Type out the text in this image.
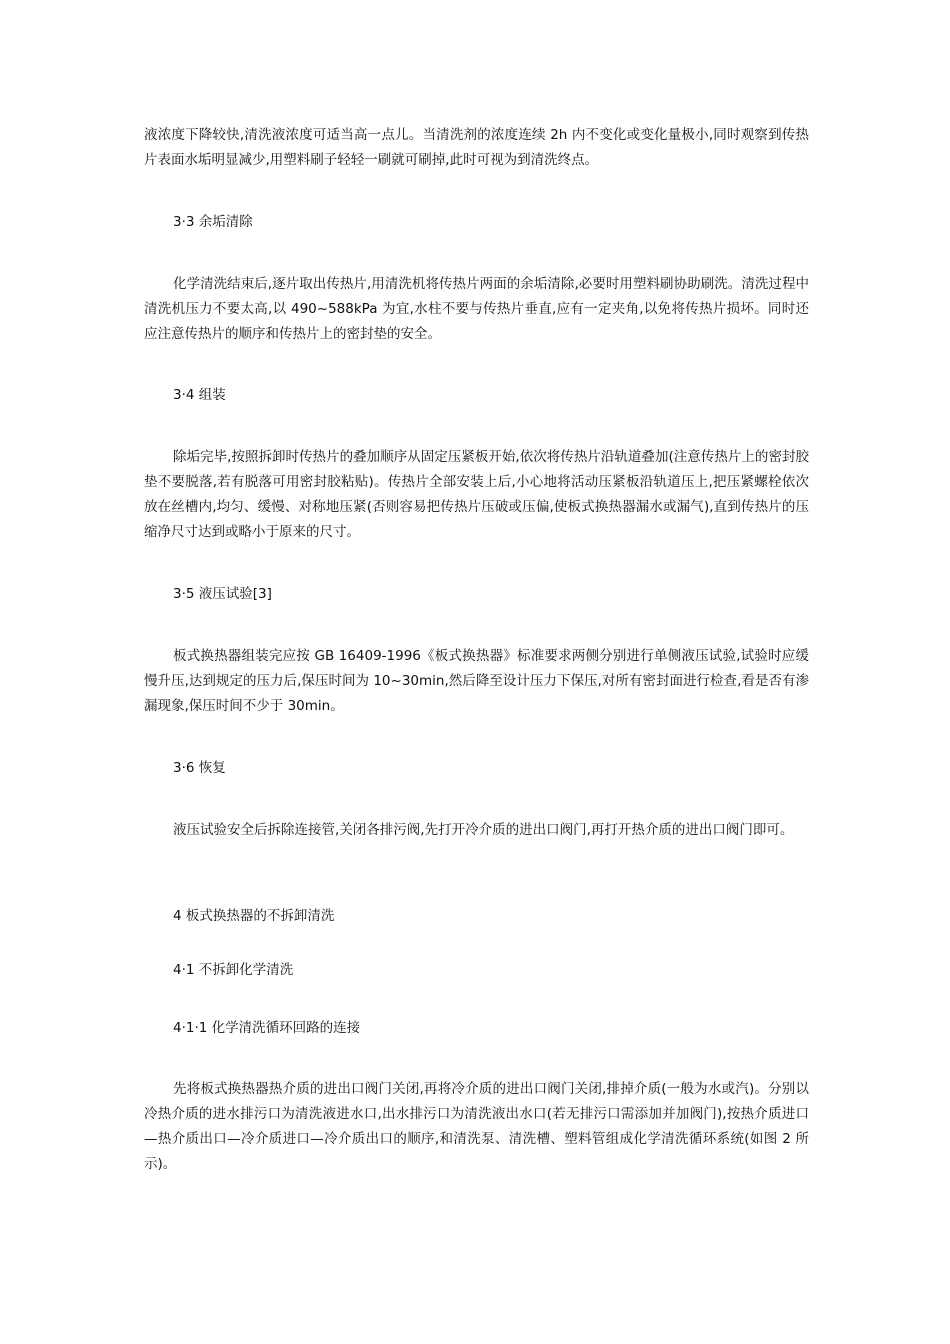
液浓度下降较快,清洗液浓度可适当高一点儿。当清洗剂的浓度连续 2h 内不变化或变化量极小,同时观察到传热片表面水垢明显减少,用塑料刷子轻轻一刷就可刷掉,此时可视为到清洗终点。

3·3 余垢清除

化学清洗结束后,逐片取出传热片,用清洗机将传热片两面的余垢清除,必要时用塑料刷协助刷洗。清洗过程中清洗机压力不要太高,以 490~588kPa 为宜,水柱不要与传热片垂直,应有一定夹角,以免将传热片损坏。同时还应注意传热片的顺序和传热片上的密封垫的安全。

3·4 组装

除垢完毕,按照拆卸时传热片的叠加顺序从固定压紧板开始,依次将传热片沿轨道叠加(注意传热片上的密封胶垫不要脱落,若有脱落可用密封胶粘贴)。传热片全部安装上后,小心地将活动压紧板沿轨道压上,把压紧螺栓依次放在丝槽内,均匀、缓慢、对称地压紧(否则容易把传热片压破或压偏,使板式换热器漏水或漏气),直到传热片的压缩净尺寸达到或略小于原来的尺寸。

3·5 液压试验[3]

板式换热器组装完应按 GB 16409-1996《板式换热器》标准要求两侧分别进行单侧液压试验,试验时应缓慢升压,达到规定的压力后,保压时间为 10~30min,然后降至设计压力下保压,对所有密封面进行检查,看是否有渗漏现象,保压时间不少于 30min。

3·6 恢复

液压试验安全后拆除连接管,关闭各排污阀,先打开冷介质的进出口阀门,再打开热介质的进出口阀门即可。

4 板式换热器的不拆卸清洗

4·1 不拆卸化学清洗

4·1·1 化学清洗循环回路的连接

先将板式换热器热介质的进出口阀门关闭,再将冷介质的进出口阀门关闭,排掉介质(一般为水或汽)。分别以冷热介质的进水排污口为清洗液进水口,出水排污口为清洗液出水口(若无排污口需添加并加阀门),按热介质进口—热介质出口—冷介质进口—冷介质出口的顺序,和清洗泵、清洗槽、塑料管组成化学清洗循环系统(如图 2 所示)。
